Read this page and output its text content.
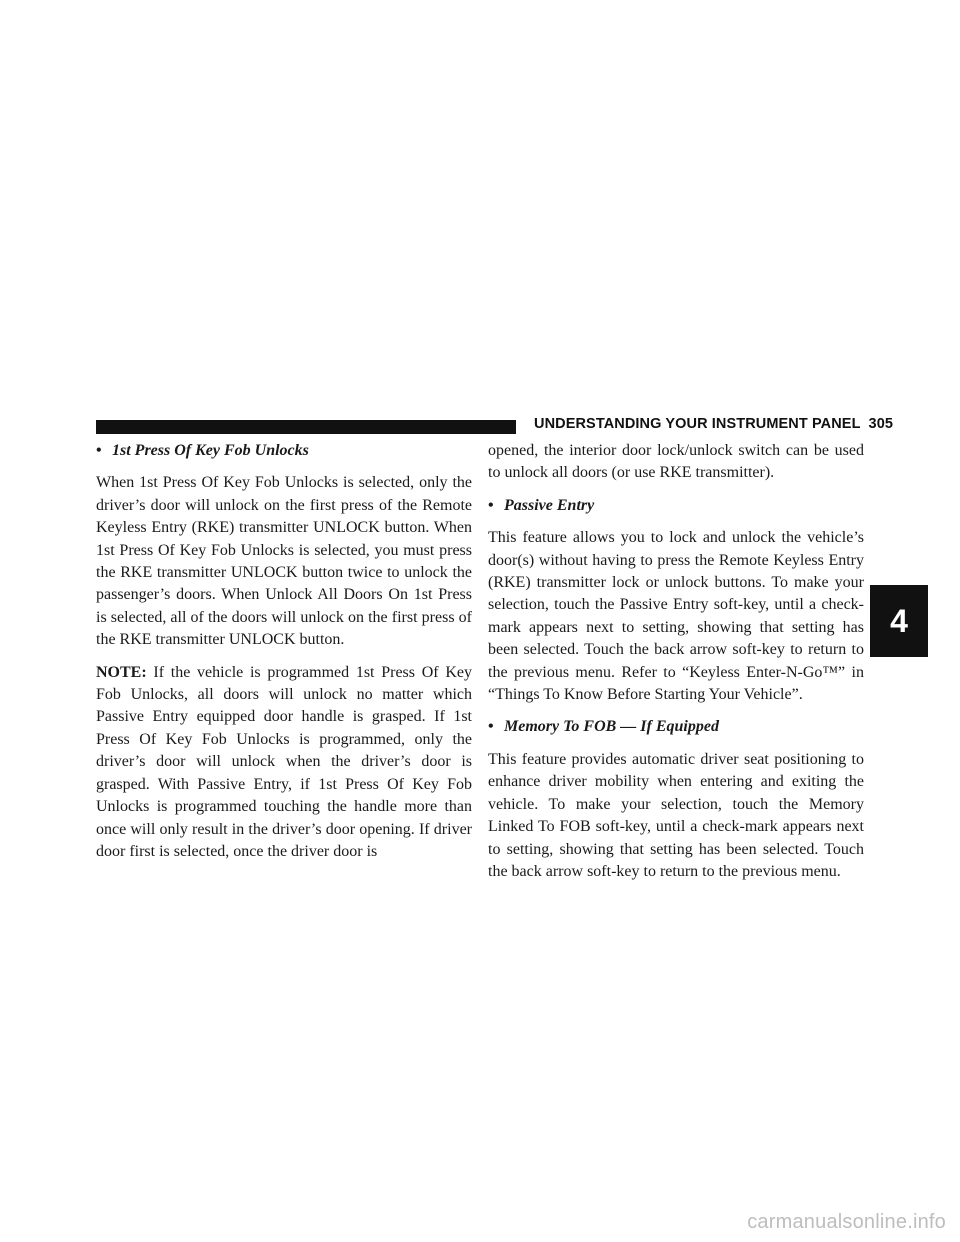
UNDERSTANDING YOUR INSTRUMENT PANEL 305
• 1st Press Of Key Fob Unlocks

When 1st Press Of Key Fob Unlocks is selected, only the driver’s door will unlock on the first press of the Remote Keyless Entry (RKE) transmitter UNLOCK button. When 1st Press Of Key Fob Unlocks is selected, you must press the RKE transmitter UNLOCK button twice to unlock the passenger’s doors. When Unlock All Doors On 1st Press is selected, all of the doors will unlock on the first press of the RKE transmitter UNLOCK button.

NOTE: If the vehicle is programmed 1st Press Of Key Fob Unlocks, all doors will unlock no matter which Passive Entry equipped door handle is grasped. If 1st Press Of Key Fob Unlocks is programmed, only the driver’s door will unlock when the driver’s door is grasped. With Passive Entry, if 1st Press Of Key Fob Unlocks is programmed touching the handle more than once will only result in the driver’s door opening. If driver door first is selected, once the driver door is

opened, the interior door lock/unlock switch can be used to unlock all doors (or use RKE transmitter).

• Passive Entry

This feature allows you to lock and unlock the vehicle’s door(s) without having to press the Remote Keyless Entry (RKE) transmitter lock or unlock buttons. To make your selection, touch the Passive Entry soft-key, until a check-mark appears next to setting, showing that setting has been selected. Touch the back arrow soft-key to return to the previous menu. Refer to “Keyless Enter-N-Go™” in “Things To Know Before Starting Your Vehicle”.

• Memory To FOB — If Equipped

This feature provides automatic driver seat positioning to enhance driver mobility when entering and exiting the vehicle. To make your selection, touch the Memory Linked To FOB soft-key, until a check-mark appears next to setting, showing that setting has been selected. Touch the back arrow soft-key to return to the previous menu.

4
carmanualsonline.info
